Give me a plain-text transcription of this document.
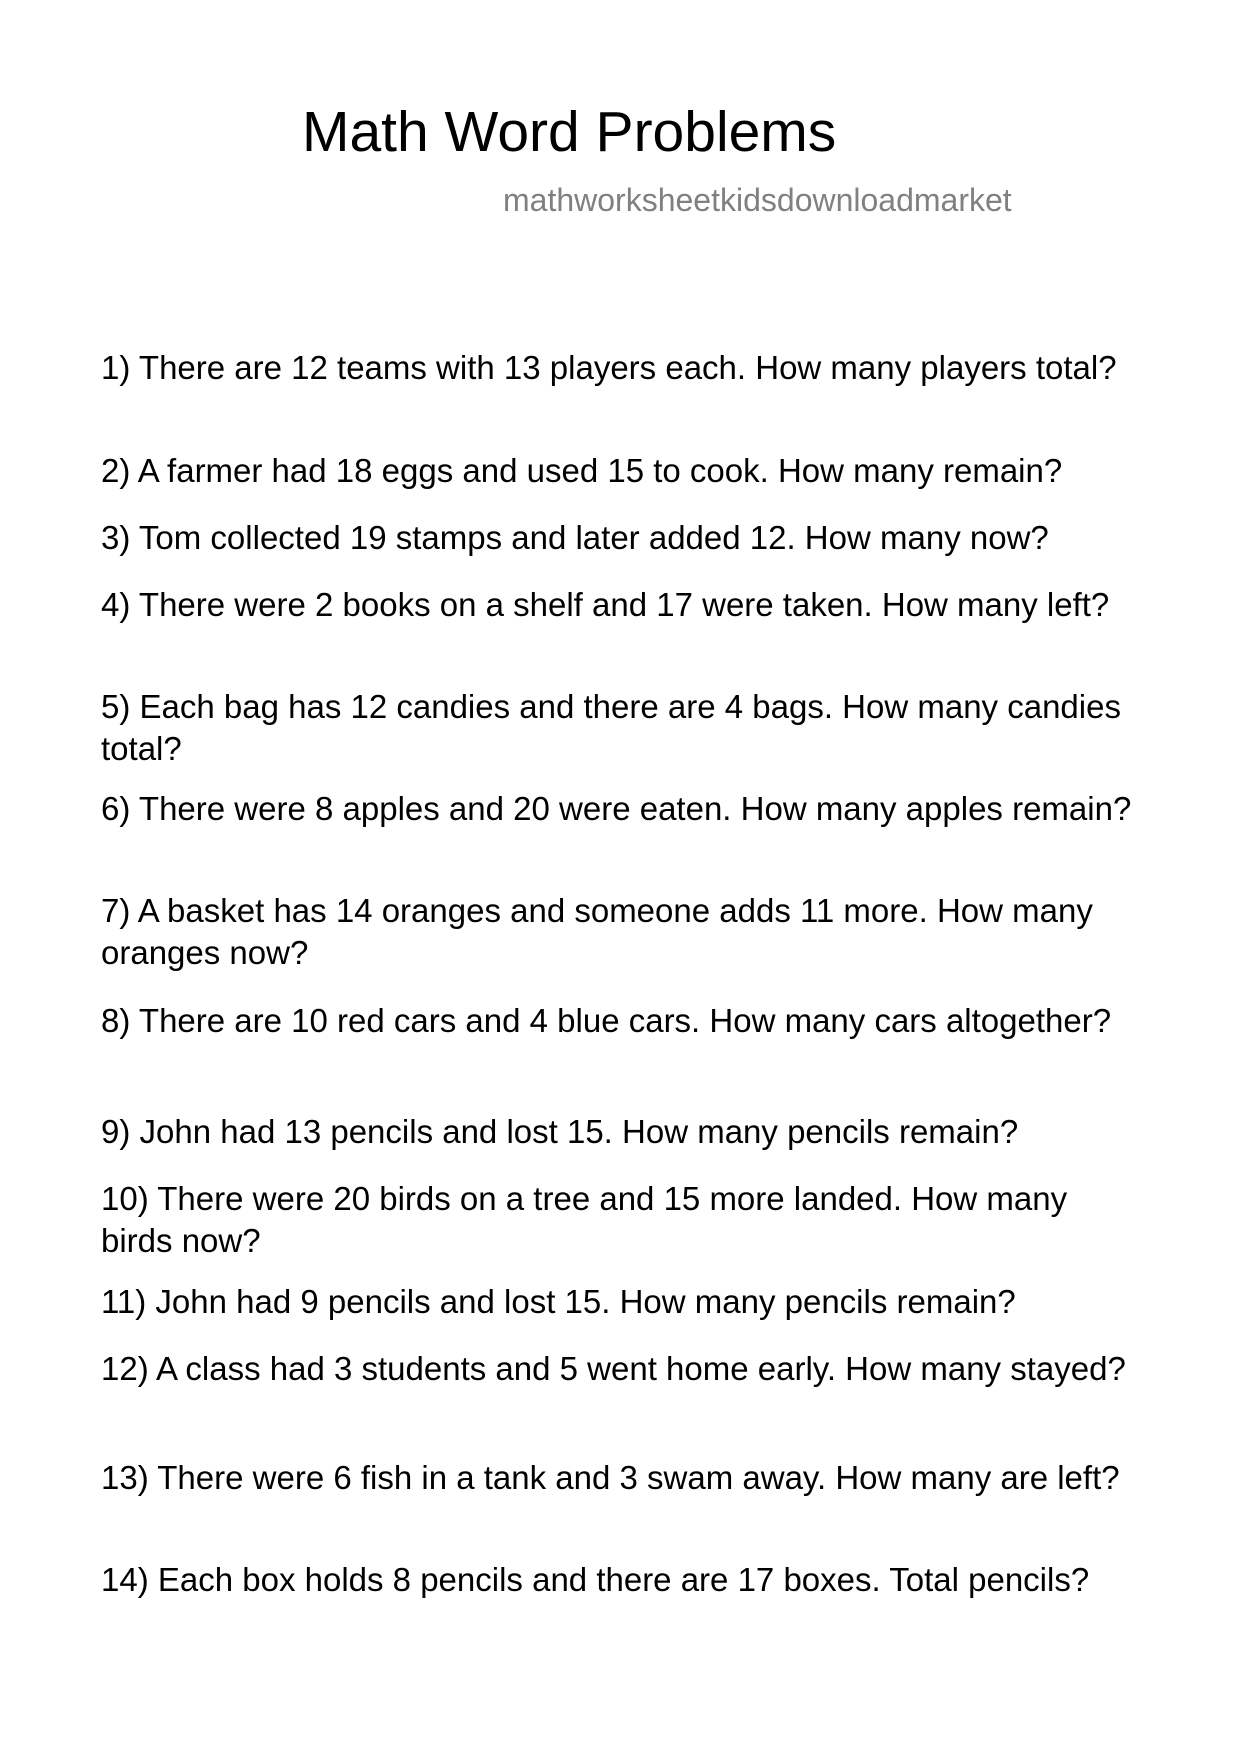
Math Word Problems
mathworksheetkidsdownloadmarket
1) There are 12 teams with 13 players each. How many players total?
2) A farmer had 18 eggs and used 15 to cook. How many remain?
3) Tom collected 19 stamps and later added 12. How many now?
4) There were 2 books on a shelf and 17 were taken. How many left?
5) Each bag has 12 candies and there are 4 bags. How many candies total?
6) There were 8 apples and 20 were eaten. How many apples remain?
7) A basket has 14 oranges and someone adds 11 more. How many oranges now?
8) There are 10 red cars and 4 blue cars. How many cars altogether?
9) John had 13 pencils and lost 15. How many pencils remain?
10) There were 20 birds on a tree and 15 more landed. How many birds now?
11) John had 9 pencils and lost 15. How many pencils remain?
12) A class had 3 students and 5 went home early. How many stayed?
13) There were 6 fish in a tank and 3 swam away. How many are left?
14) Each box holds 8 pencils and there are 17 boxes. Total pencils?
